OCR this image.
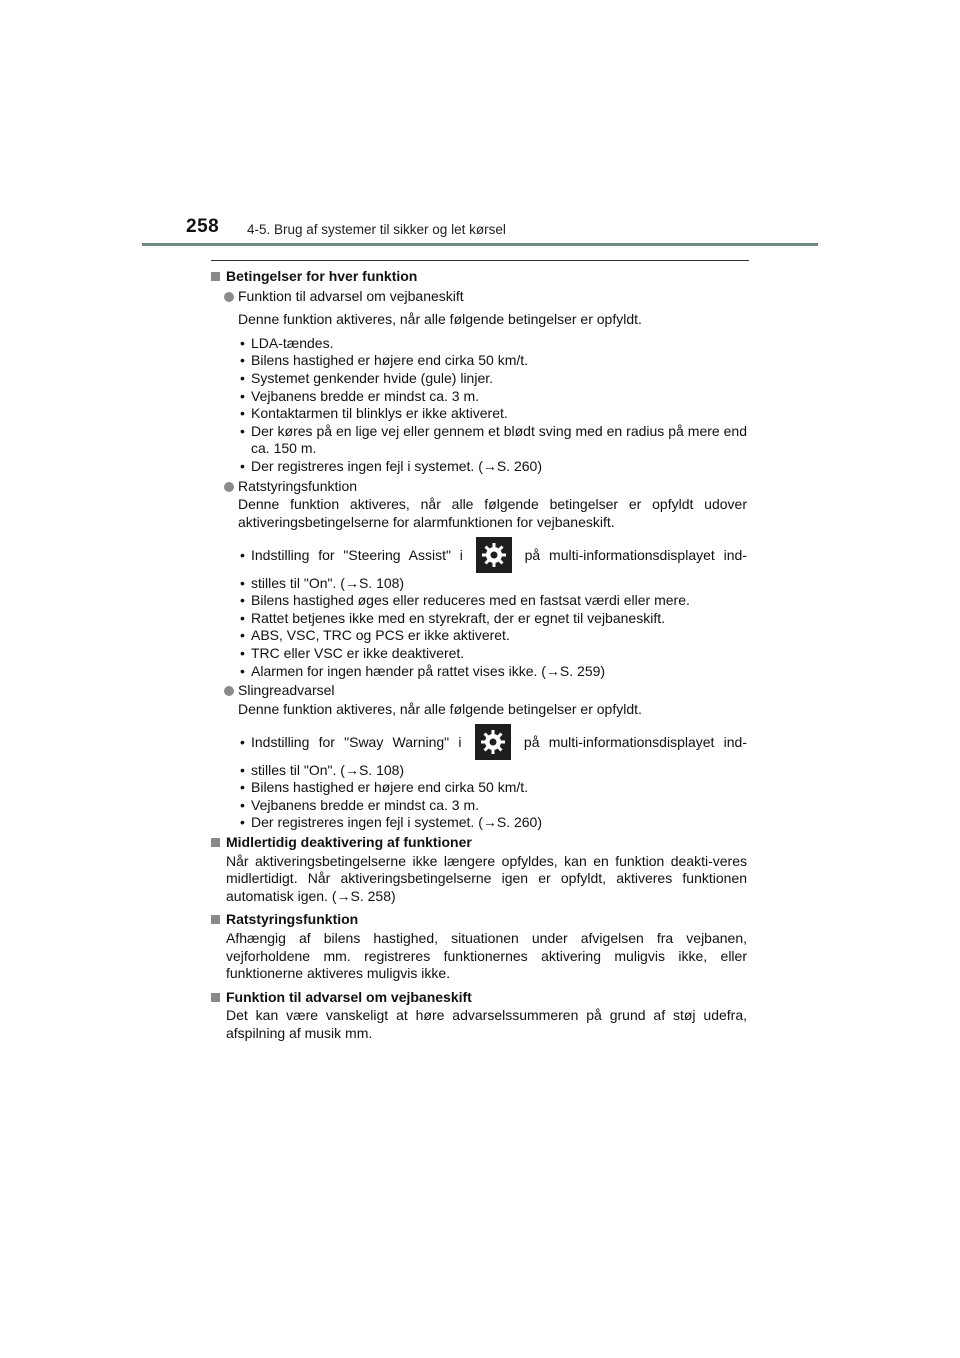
258 4-5. Brug af systemer til sikker og let kørsel
Betingelser for hver funktion
Funktion til advarsel om vejbaneskift
Denne funktion aktiveres, når alle følgende betingelser er opfyldt.
• LDA-tændes.
• Bilens hastighed er højere end cirka 50 km/t.
• Systemet genkender hvide (gule) linjer.
• Vejbanens bredde er mindst ca. 3 m.
• Kontaktarmen til blinklys er ikke aktiveret.
• Der køres på en lige vej eller gennem et blødt sving med en radius på mere end ca. 150 m.
• Der registreres ingen fejl i systemet. (→S. 260)
Ratstyringsfunktion
Denne funktion aktiveres, når alle følgende betingelser er opfyldt udover aktiveringsbetingelserne for alarmfunktionen for vejbaneskift.
• Indstilling for "Steering Assist" i	på multi-informationsdisplayet ind-
• stilles til "On". (→S. 108)
• Bilens hastighed øges eller reduceres med en fastsat værdi eller mere.
• Rattet betjenes ikke med en styrekraft, der er egnet til vejbaneskift.
• ABS, VSC, TRC og PCS er ikke aktiveret.
• TRC eller VSC er ikke deaktiveret.
• Alarmen for ingen hænder på rattet vises ikke. (→S. 259)
Slingreadvarsel
Denne funktion aktiveres, når alle følgende betingelser er opfyldt.
• Indstilling for "Sway Warning" i	på multi-informationsdisplayet ind-
• stilles til "On". (→S. 108)
• Bilens hastighed er højere end cirka 50 km/t.
• Vejbanens bredde er mindst ca. 3 m.
• Der registreres ingen fejl i systemet. (→S. 260)
Midlertidig deaktivering af funktioner
Når aktiveringsbetingelserne ikke længere opfyldes, kan en funktion deakti-veres midlertidigt. Når aktiveringsbetingelserne igen er opfyldt, aktiveres funktionen automatisk igen. (→S. 258)
Ratstyringsfunktion
Afhængig af bilens hastighed, situationen under afvigelsen fra vejbanen, vejforholdene mm. registreres funktionernes aktivering muligvis ikke, eller funktionerne aktiveres muligvis ikke.
Funktion til advarsel om vejbaneskift
Det kan være vanskeligt at høre advarselssummeren på grund af støj udefra, afspilning af musik mm.
